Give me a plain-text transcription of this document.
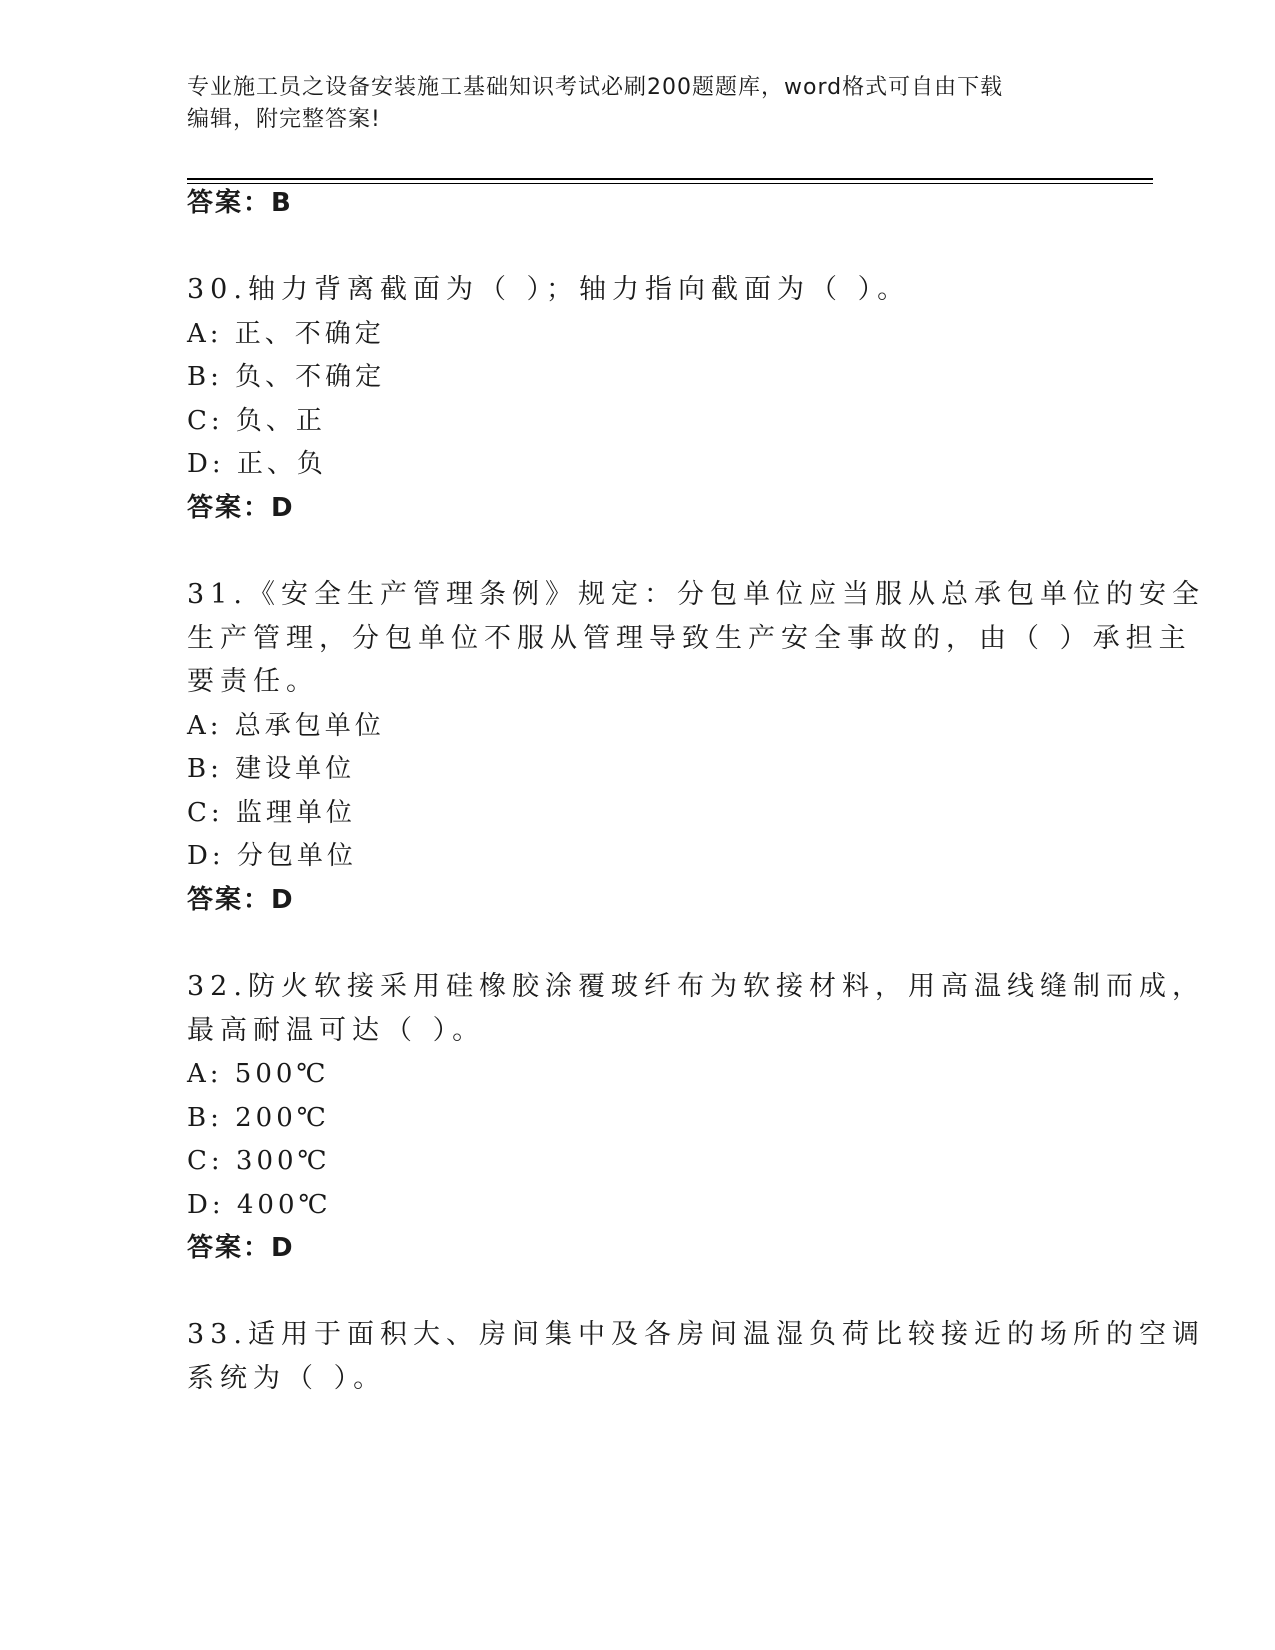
专业施工员之设备安装施工基础知识考试必刷200题题库，word格式可自由下载
编辑，附完整答案!
答案：B
30.轴力背离截面为（ ）；轴力指向截面为（ ）。
A: 正、不确定
B: 负、不确定
C: 负、正
D: 正、负
答案：D
31.《安全生产管理条例》规定：分包单位应当服从总承包单位的安全
生产管理，分包单位不服从管理导致生产安全事故的，由（ ）承担主
要责任。
A: 总承包单位
B: 建设单位
C: 监理单位
D: 分包单位
答案：D
32.防火软接采用硅橡胶涂覆玻纤布为软接材料，用高温线缝制而成，
最高耐温可达（ ）。
A: 500℃
B: 200℃
C: 300℃
D: 400℃
答案：D
33.适用于面积大、房间集中及各房间温湿负荷比较接近的场所的空调
系统为（ ）。
